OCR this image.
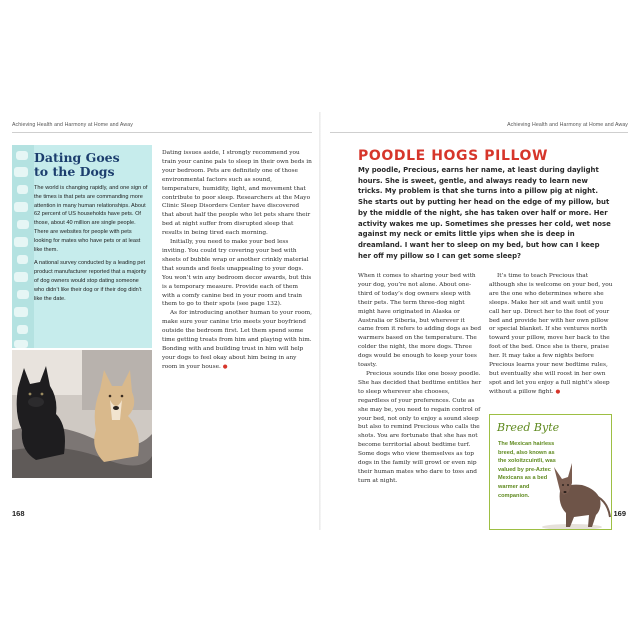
Achieving Health and Harmony at Home and Away	Achieving Health and Harmony at Home and Away
Dating Goes
to the Dogs

The world is changing rapidly, and one sign of the times is that pets are commanding more attention in many human relationships. About 62 percent of US households have pets. Of those, about 40 million are single people. There are websites for people with pets looking for mates who have pets or at least like them.

A national survey conducted by a leading pet product manufacturer reported that a majority of dog owners would stop dating someone who didn’t like their dog or if their dog didn’t like the date.

Dating issues aside, I strongly recommend you train your canine pals to sleep in their own beds in your bedroom. Pets are definitely one of those environmental factors such as sound, temperature, humidity, light, and movement that contribute to poor sleep. Researchers at the Mayo Clinic Sleep Disorders Center have discovered that about half the people who let pets share their bed at night suffer from disrupted sleep that results in being tired each morning.

Initially, you need to make your bed less inviting. You could try covering your bed with sheets of bubble wrap or another crinkly material that sounds and feels unappealing to your dogs. You won’t win any bedroom decor awards, but this is a temporary measure. Provide each of them with a comfy canine bed in your room and train them to go to their spots (see page 132).

As for introducing another human to your room, make sure your canine trio meets your boyfriend outside the bedroom first. Let them spend some time getting treats from him and playing with him. Bonding with and building trust in him will help your dogs to feel okay about him being in any room in your house. ●

168
POODLE HOGS PILLOW
My poodle, Precious, earns her name, at least during daylight hours. She is sweet, gentle, and always ready to learn new tricks. My problem is that she turns into a pillow pig at night. She starts out by putting her head on the edge of my pillow, but by the middle of the night, she has taken over half or more. Her activity wakes me up. Sometimes she presses her cold, wet nose against my neck or emits little yips when she is deep in dreamland. I want her to sleep on my bed, but how can I keep her off my pillow so I can get some sleep?

When it comes to sharing your bed with your dog, you’re not alone. About one-third of today’s dog owners sleep with their pets. The term three-dog night might have originated in Alaska or Australia or Siberia, but wherever it came from it refers to adding dogs as bed warmers based on the temperature. The colder the night, the more dogs. Three dogs would be enough to keep your toes toasty.

Precious sounds like one bossy poodle. She has decided that bedtime entitles her to sleep wherever she chooses, regardless of your preferences. Cute as she may be, you need to regain control of your bed, not only to enjoy a sound sleep but also to remind Precious who calls the shots. You are fortunate that she has not become territorial about bedtime turf. Some dogs who view themselves as top dogs in the family will growl or even nip their human mates who dare to toss and turn at night.

It’s time to teach Precious that although she is welcome on your bed, you are the one who determines where she sleeps. Make her sit and wait until you call her up. Direct her to the foot of your bed and provide her with her own pillow or special blanket. If she ventures north toward your pillow, move her back to the foot of the bed. Once she is there, praise her. It may take a few nights before Precious learns your new bedtime rules, but eventually she will roost in her own spot and let you enjoy a full night’s sleep without a pillow fight. ●

Breed Byte
The Mexican hairless breed, also known as the xoloitzcuintli, was valued by pre-Aztec Mexicans as a bed warmer and companion.
169
